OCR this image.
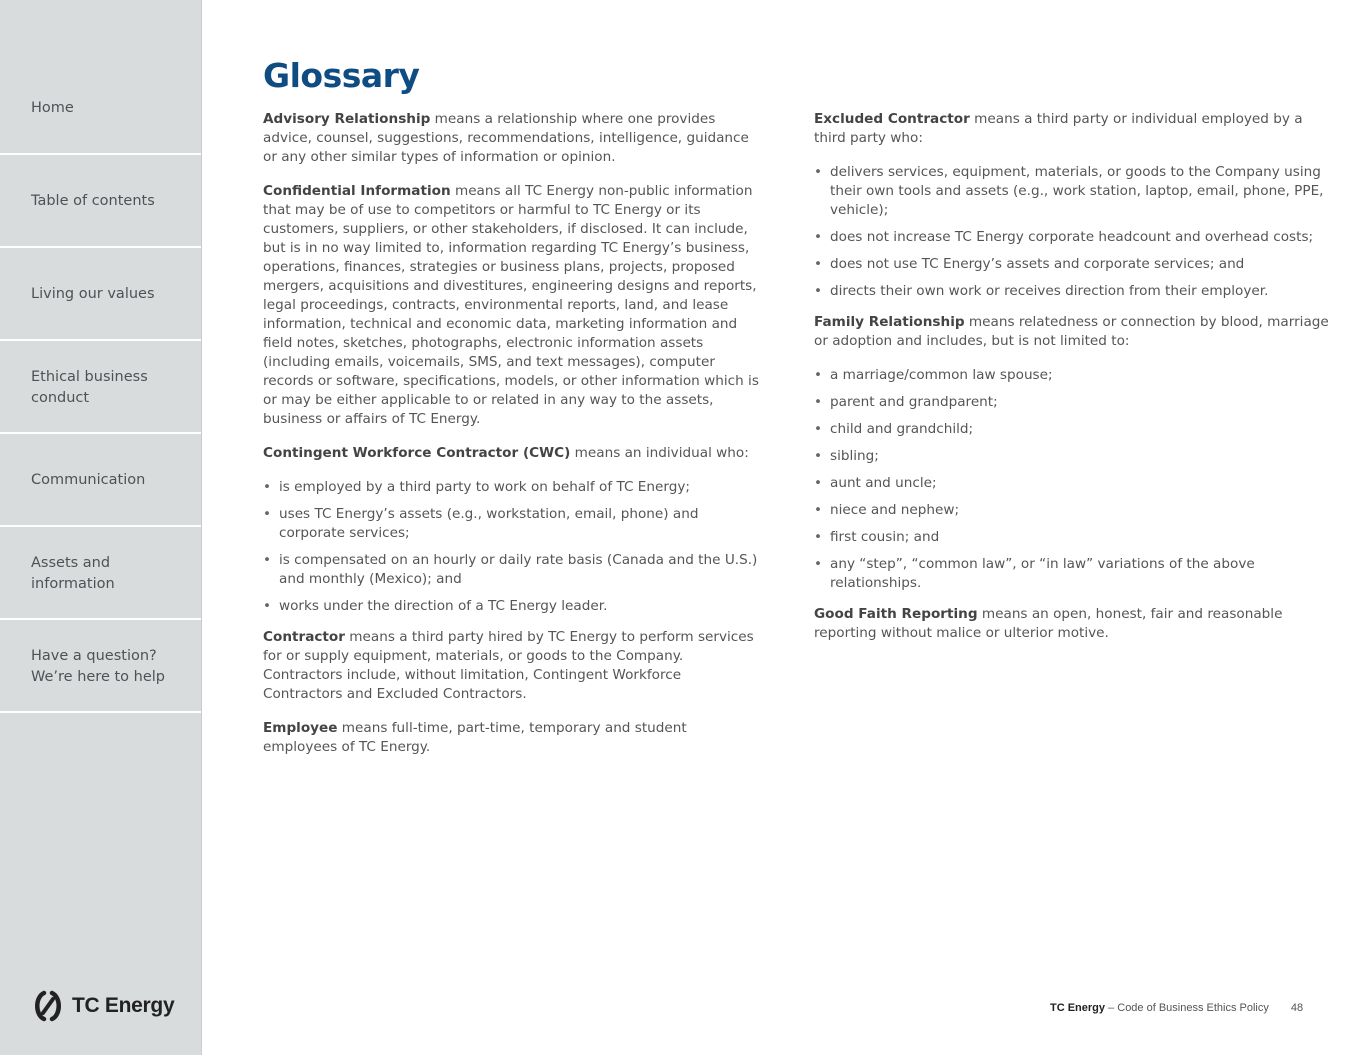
Home
Table of contents
Living our values
Ethical business
conduct
Communication
Assets and
information
Have a question?
We’re here to help
TC Energy
Glossary

Advisory Relationship means a relationship where one provides advice, counsel, suggestions, recommendations, intelligence, guidance or any other similar types of information or opinion.

Confidential Information means all TC Energy non-public information that may be of use to competitors or harmful to TC Energy or its customers, suppliers, or other stakeholders, if disclosed. It can include, but is in no way limited to, information regarding TC Energy’s business, operations, finances, strategies or business plans, projects, proposed mergers, acquisitions and divestitures, engineering designs and reports, legal proceedings, contracts, environmental reports, land, and lease information, technical and economic data, marketing information and field notes, sketches, photographs, electronic information assets (including emails, voicemails, SMS, and text messages), computer records or software, specifications, models, or other information which is or may be either applicable to or related in any way to the assets, business or affairs of TC Energy.

Contingent Workforce Contractor (CWC) means an individual who:

• is employed by a third party to work on behalf of TC Energy;
• uses TC Energy’s assets (e.g., workstation, email, phone) and corporate services;
• is compensated on an hourly or daily rate basis (Canada and the U.S.) and monthly (Mexico); and
• works under the direction of a TC Energy leader.

Contractor means a third party hired by TC Energy to perform services for or supply equipment, materials, or goods to the Company. Contractors include, without limitation, Contingent Workforce Contractors and Excluded Contractors.

Employee means full-time, part-time, temporary and student employees of TC Energy.

Excluded Contractor means a third party or individual employed by a third party who:

• delivers services, equipment, materials, or goods to the Company using their own tools and assets (e.g., work station, laptop, email, phone, PPE, vehicle);
• does not increase TC Energy corporate headcount and overhead costs;
• does not use TC Energy’s assets and corporate services; and
• directs their own work or receives direction from their employer.

Family Relationship means relatedness or connection by blood, marriage or adoption and includes, but is not limited to:

• a marriage/common law spouse;
• parent and grandparent;
• child and grandchild;
• sibling;
• aunt and uncle;
• niece and nephew;
• first cousin; and
• any “step”, “common law”, or “in law” variations of the above relationships.

Good Faith Reporting means an open, honest, fair and reasonable reporting without malice or ulterior motive.

TC Energy – Code of Business Ethics Policy 48
